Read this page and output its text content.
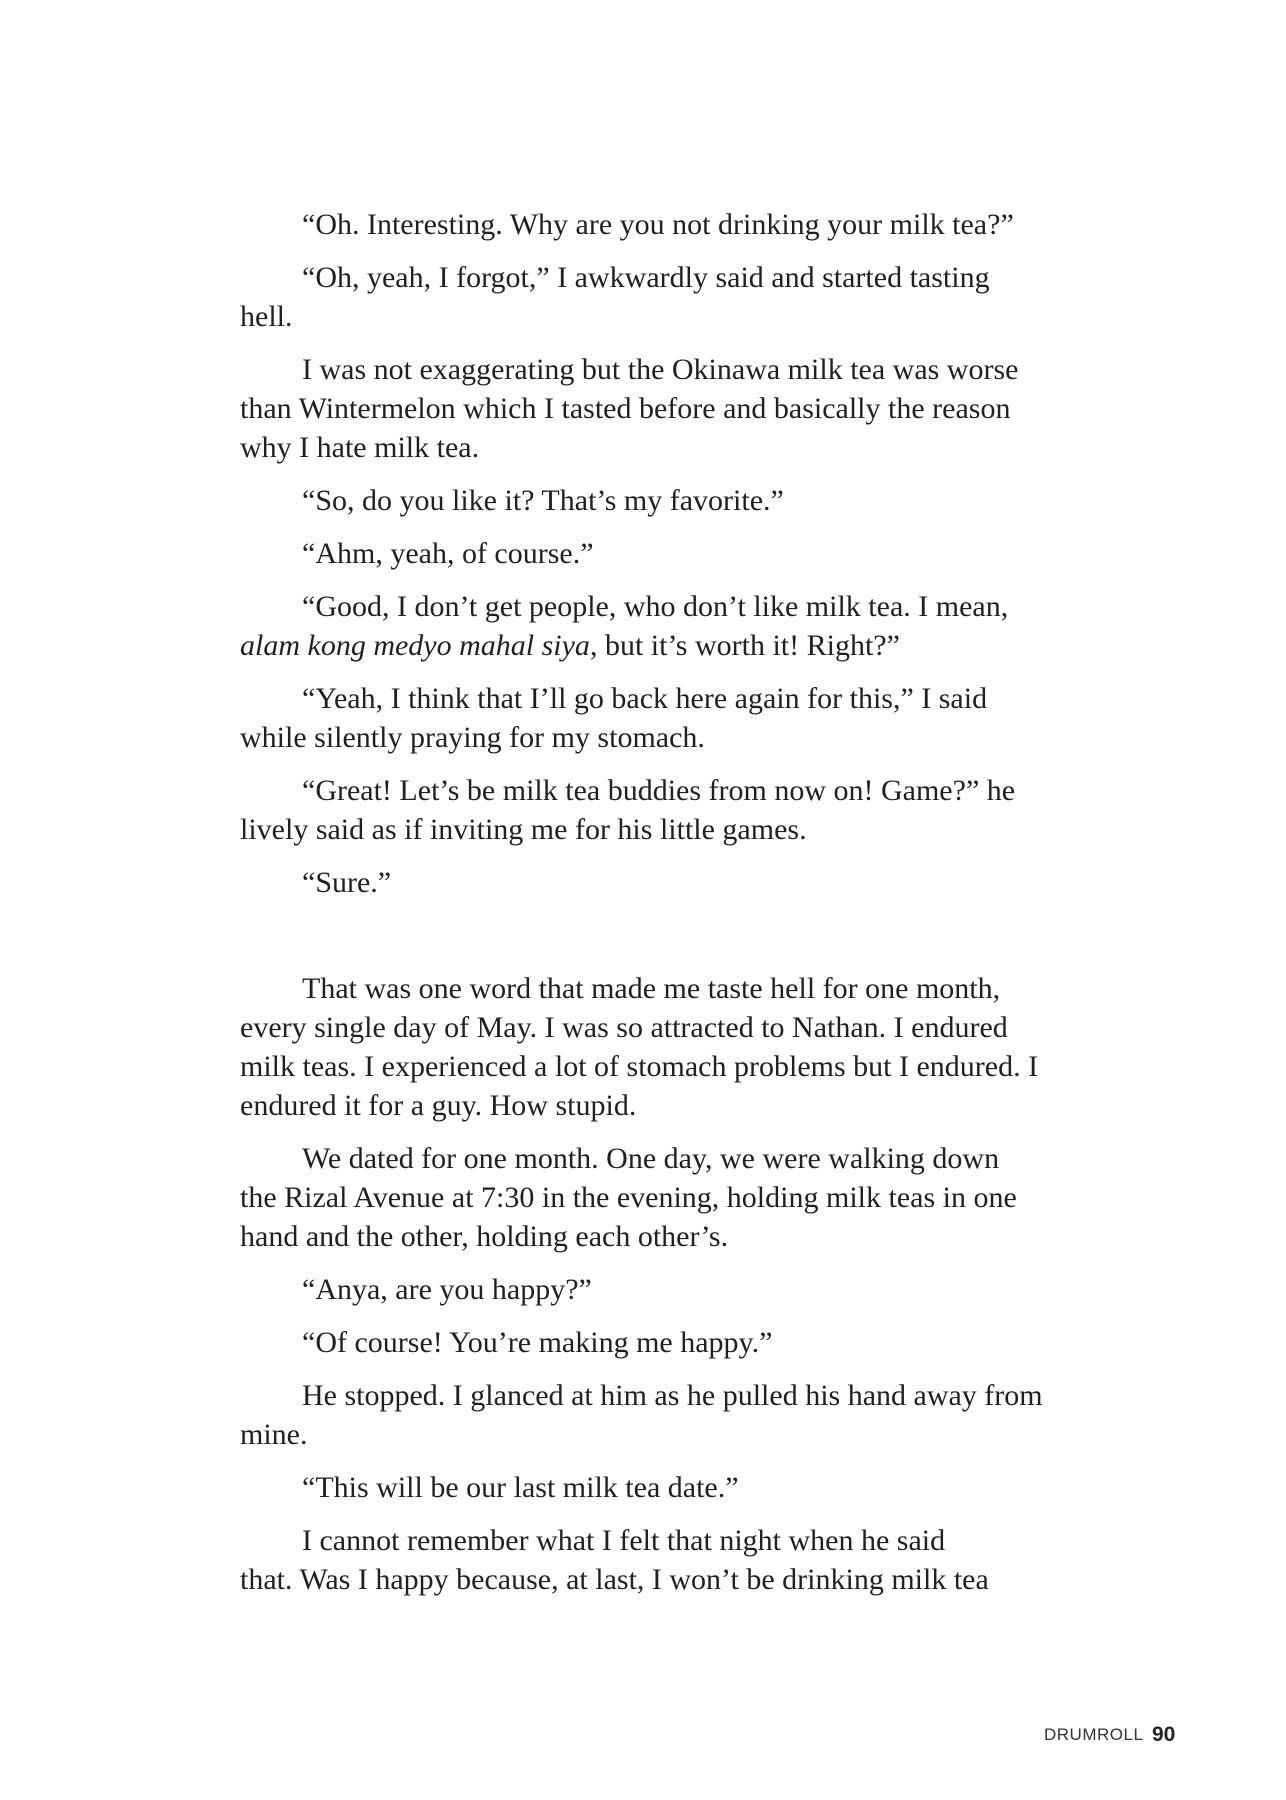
“Oh. Interesting. Why are you not drinking your milk tea?”
“Oh, yeah, I forgot,” I awkwardly said and started tasting
hell.
I was not exaggerating but the Okinawa milk tea was worse
than Wintermelon which I tasted before and basically the reason
why I hate milk tea.
“So, do you like it? That’s my favorite.”
“Ahm, yeah, of course.”
“Good, I don’t get people, who don’t like milk tea. I mean,
alam kong medyo mahal siya, but it’s worth it! Right?”
“Yeah, I think that I’ll go back here again for this,” I said
while silently praying for my stomach.
“Great! Let’s be milk tea buddies from now on! Game?” he
lively said as if inviting me for his little games.
“Sure.”
That was one word that made me taste hell for one month,
every single day of May. I was so attracted to Nathan. I endured
milk teas. I experienced a lot of stomach problems but I endured. I
endured it for a guy. How stupid.
We dated for one month. One day, we were walking down
the Rizal Avenue at 7:30 in the evening, holding milk teas in one
hand and the other, holding each other’s.
“Anya, are you happy?”
“Of course! You’re making me happy.”
He stopped. I glanced at him as he pulled his hand away from
mine.
“This will be our last milk tea date.”
I cannot remember what I felt that night when he said
that. Was I happy because, at last, I won’t be drinking milk tea
DRUMROLL 90
